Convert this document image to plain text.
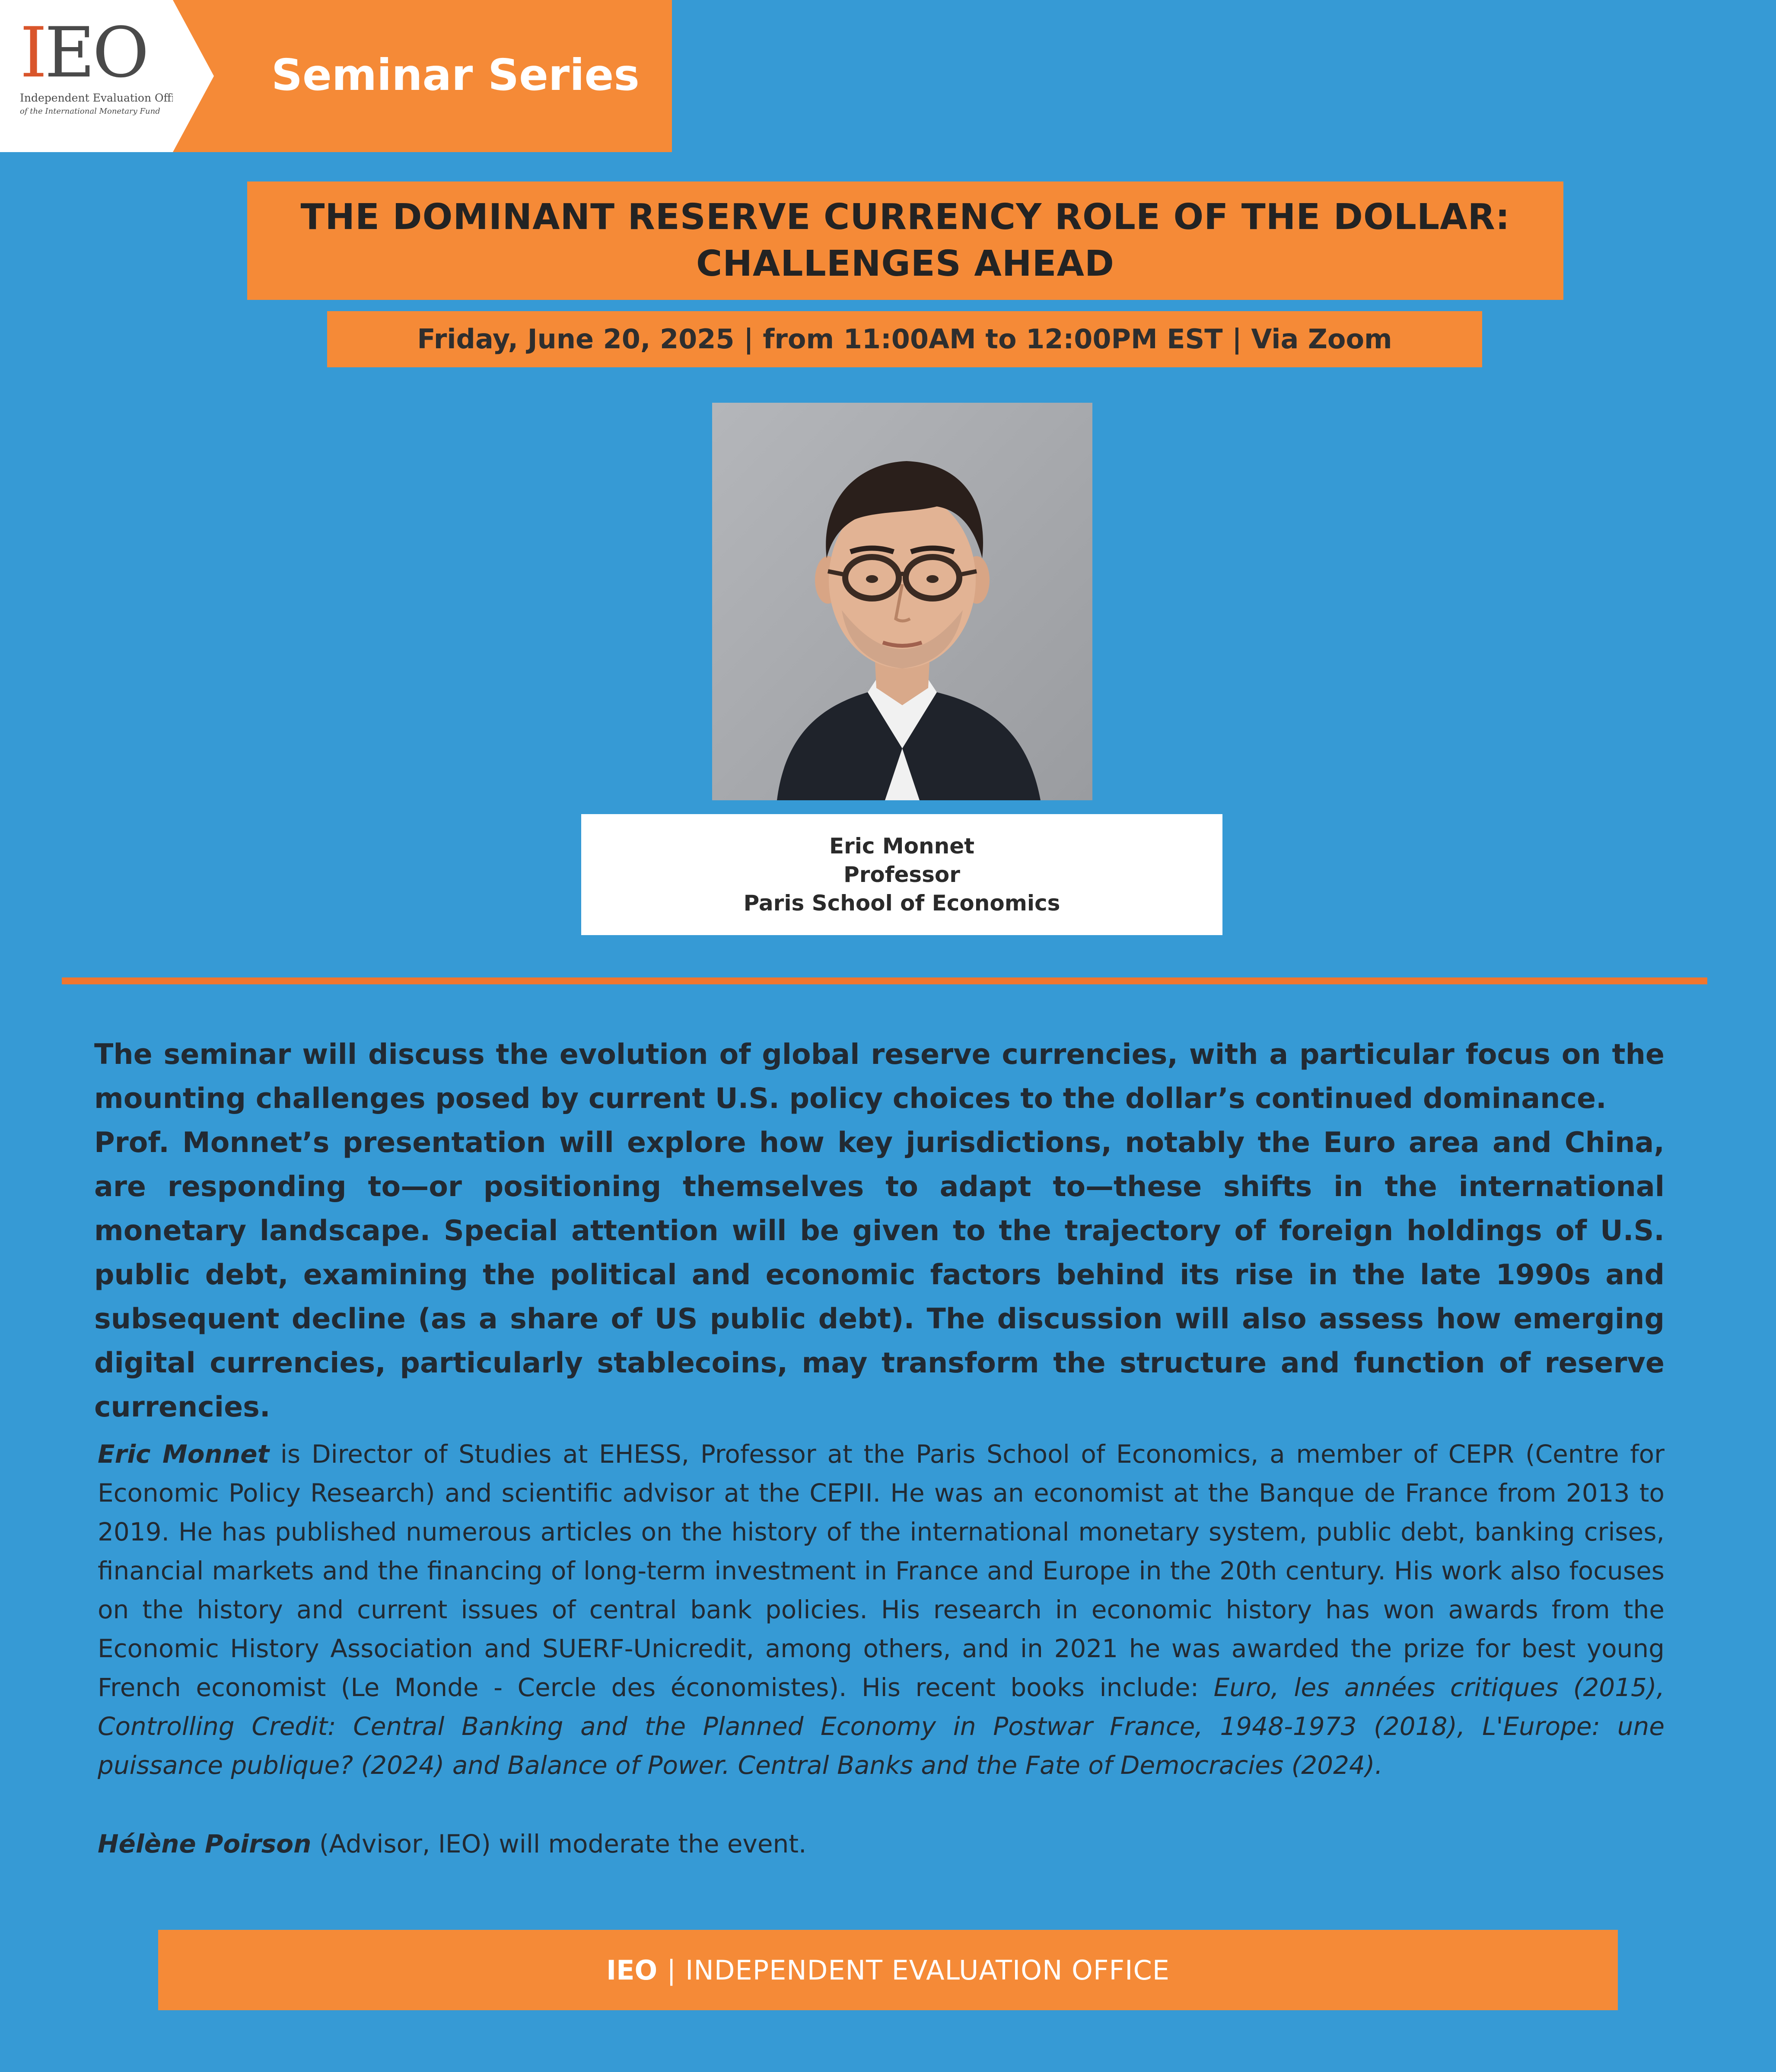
IEO
Independent Evaluation Office
of the International Monetary Fund
Seminar Series
THE DOMINANT RESERVE CURRENCY ROLE OF THE DOLLAR:
CHALLENGES AHEAD
Friday, June 20, 2025 | from 11:00AM to 12:00PM EST | Via Zoom
Eric Monnet
Professor
Paris School of Economics
The seminar will discuss the evolution of global reserve currencies, with a particular focus on the mounting challenges posed by current U.S. policy choices to the dollar’s continued dominance.
Prof. Monnet’s presentation will explore how key jurisdictions, notably the Euro area and China, are responding to—or positioning themselves to adapt to—these shifts in the international monetary landscape. Special attention will be given to the trajectory of foreign holdings of U.S. public debt, examining the political and economic factors behind its rise in the late 1990s and subsequent decline (as a share of US public debt). The discussion will also assess how emerging digital currencies, particularly stablecoins, may transform the structure and function of reserve currencies.

Eric Monnet is Director of Studies at EHESS, Professor at the Paris School of Economics, a member of CEPR (Centre for Economic Policy Research) and scientific advisor at the CEPII. He was an economist at the Banque de France from 2013 to 2019. He has published numerous articles on the history of the international monetary system, public debt, banking crises, financial markets and the financing of long-term investment in France and Europe in the 20th century. His work also focuses on the history and current issues of central bank policies. His research in economic history has won awards from the Economic History Association and SUERF-Unicredit, among others, and in 2021 he was awarded the prize for best young French economist (Le Monde - Cercle des économistes). His recent books include: Euro, les années critiques (2015), Controlling Credit: Central Banking and the Planned Economy in Postwar France, 1948-1973 (2018), L'Europe: une puissance publique? (2024) and Balance of Power. Central Banks and the Fate of Democracies (2024).

Hélène Poirson (Advisor, IEO) will moderate the event.

IEO | INDEPENDENT EVALUATION OFFICE
